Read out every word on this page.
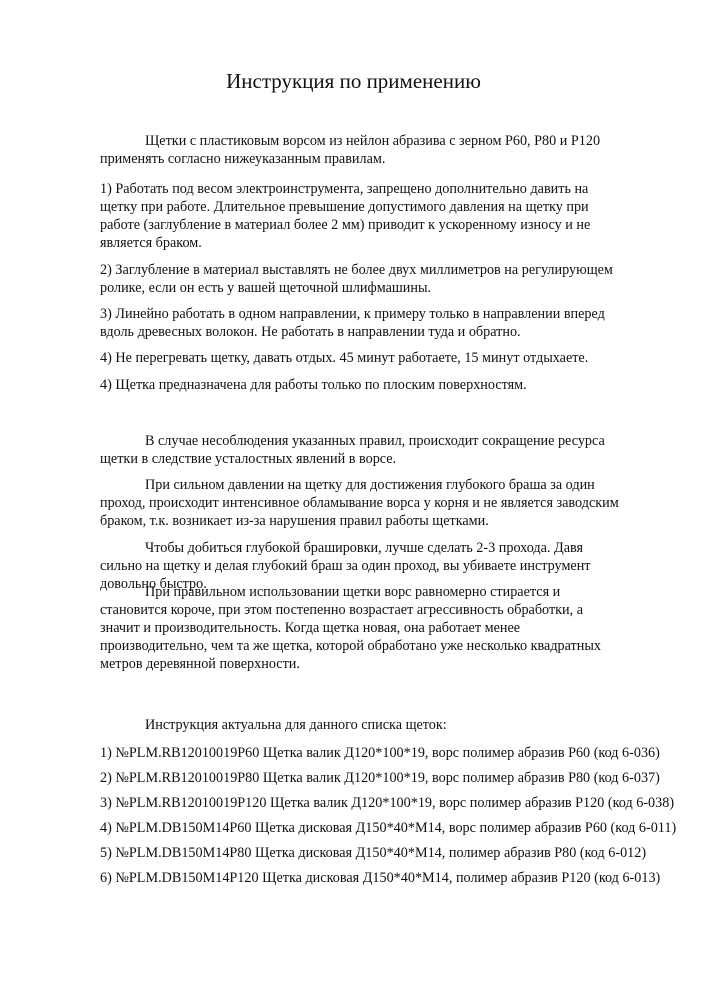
Инструкция по применению

Щетки с пластиковым ворсом из нейлон абразива с зерном Р60, Р80 и Р120 применять согласно нижеуказанным правилам.

1) Работать под весом электроинструмента, запрещено дополнительно давить на щетку при работе. Длительное превышение допустимого давления на щетку при работе (заглубление в материал более 2 мм) приводит к ускоренному износу и не является браком.

2) Заглубление в материал выставлять не более двух миллиметров на регулирующем ролике, если он есть у вашей щеточной шлифмашины.

3) Линейно работать в одном направлении, к примеру только в направлении вперед вдоль древесных волокон. Не работать в направлении туда и обратно.

4) Не перегревать щетку, давать отдых. 45 минут работаете, 15 минут отдыхаете.

4) Щетка предназначена для работы только по плоским поверхностям.

В случае несоблюдения указанных правил, происходит сокращение ресурса щетки в следствие усталостных явлений в ворсе.

При сильном давлении на щетку для достижения глубокого браша за один проход, происходит интенсивное обламывание ворса у корня и не является заводским браком, т.к. возникает из-за нарушения правил работы щетками.

Чтобы добиться глубокой брашировки, лучше сделать 2-3 прохода. Давя сильно на щетку и делая глубокий браш за один проход, вы убиваете инструмент довольно быстро.

При правильном использовании щетки ворс равномерно стирается и становится короче, при этом постепенно возрастает агрессивность обработки, а значит и производительность. Когда щетка новая, она работает менее производительно, чем та же щетка, которой обработано уже несколько квадратных метров деревянной поверхности.

Инструкция актуальна для данного списка щеток:

1) №PLM.RB12010019P60 Щетка валик Д120*100*19, ворс полимер абразив Р60 (код 6-036)

2) №PLM.RB12010019P80 Щетка валик Д120*100*19, ворс полимер абразив Р80 (код 6-037)

3) №PLM.RB12010019P120 Щетка валик Д120*100*19, ворс полимер абразив Р120 (код 6-038)

4) №PLM.DB150M14P60 Щетка дисковая Д150*40*М14, ворс полимер абразив Р60 (код 6-011)

5) №PLM.DB150M14P80 Щетка дисковая Д150*40*М14, полимер абразив Р80 (код 6-012)

6) №PLM.DB150M14P120 Щетка дисковая Д150*40*М14, полимер абразив Р120 (код 6-013)
